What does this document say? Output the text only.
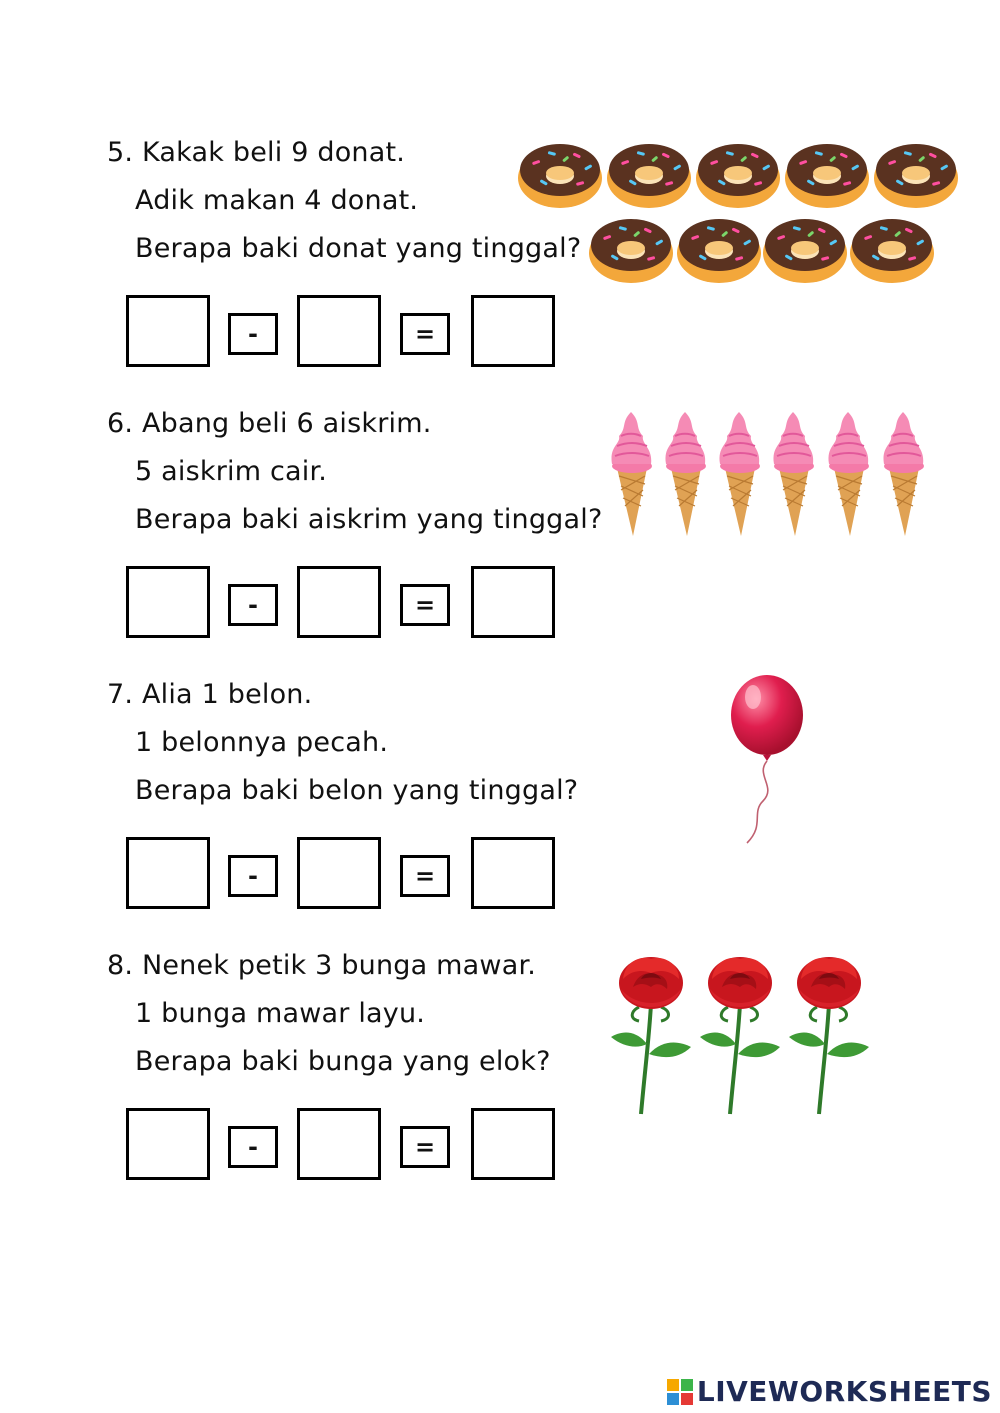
5. Kakak beli 9 donat.
Adik makan 4 donat.
Berapa baki donat yang tinggal?
-	=
6. Abang beli 6 aiskrim.
5 aiskrim cair.
Berapa baki aiskrim yang tinggal?
-	=
7. Alia 1 belon.
1 belonnya pecah.
Berapa baki belon yang tinggal?
-	=
8. Nenek petik 3 bunga mawar.
1 bunga mawar layu.
Berapa baki bunga yang elok?
-	=
LIVEWORKSHEETS
